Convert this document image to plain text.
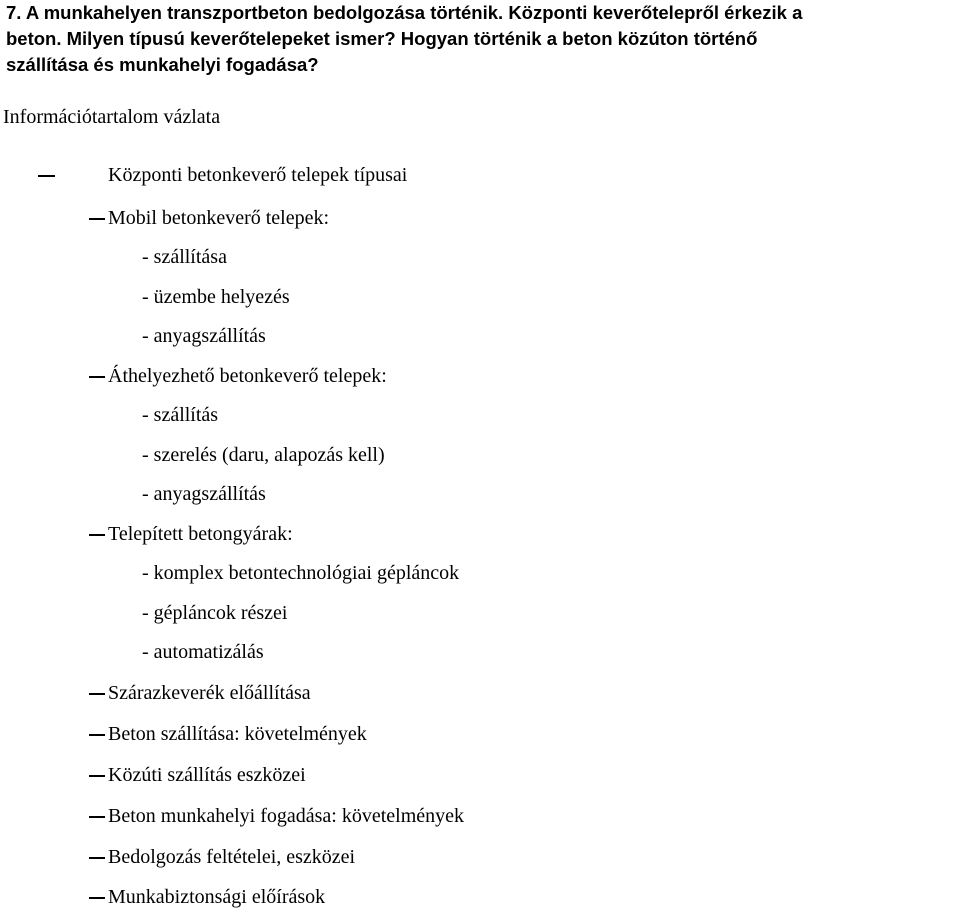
7. A munkahelyen transzportbeton bedolgozása történik. Központi keverőtelepről érkezik a
beton. Milyen típusú keverőtelepeket ismer? Hogyan történik a beton közúton történő
szállítása és munkahelyi fogadása?
Információtartalom vázlata
Központi betonkeverő telepek típusai
Mobil betonkeverő telepek:
- szállítása
- üzembe helyezés
- anyagszállítás
Áthelyezhető betonkeverő telepek:
- szállítás
- szerelés (daru, alapozás kell)
- anyagszállítás
Telepített betongyárak:
- komplex betontechnológiai gépláncok
- gépláncok részei
- automatizálás
Szárazkeverék előállítása
Beton szállítása: követelmények
Közúti szállítás eszközei
Beton munkahelyi fogadása: követelmények
Bedolgozás feltételei, eszközei
Munkabiztonsági előírások
